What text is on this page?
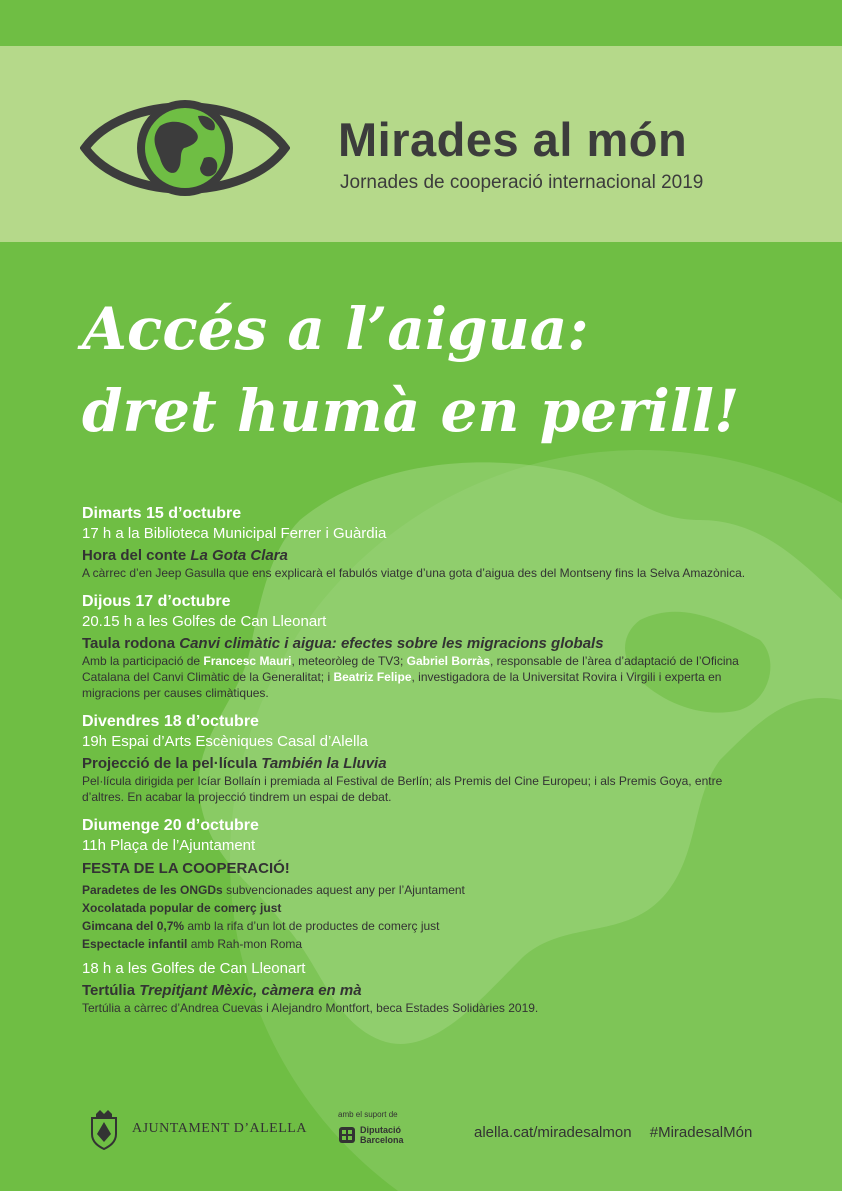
Mirades al món
Jornades de cooperació internacional 2019
Accés a l’aigua:
dret humà en perill!

Dimarts 15 d’octubre

17 h a la Biblioteca Municipal Ferrer i Guàrdia

Hora del conte La Gota Clara

A càrrec d’en Jeep Gasulla que ens explicarà el fabulós viatge d’una gota d’aigua des del Montseny fins la Selva Amazònica.

Dijous 17 d’octubre

20.15 h a les Golfes de Can Lleonart

Taula rodona Canvi climàtic i aigua: efectes sobre les migracions globals

Amb la participació de Francesc Mauri, meteoròleg de TV3; Gabriel Borràs, responsable de l’àrea d’adaptació de l’Oficina Catalana del Canvi Climàtic de la Generalitat; i Beatriz Felipe, investigadora de la Universitat Rovira i Virgili i experta en migracions per causes climàtiques.

Divendres 18 d’octubre

19h Espai d’Arts Escèniques Casal d’Alella

Projecció de la pel·lícula También la Lluvia

Pel·lícula dirigida per Icíar Bollaín i premiada al Festival de Berlín; als Premis del Cine Europeu; i als Premis Goya, entre d’altres. En acabar la projecció tindrem un espai de debat.

Diumenge 20 d’octubre

11h Plaça de l’Ajuntament

FESTA DE LA COOPERACIÓ!

Paradetes de les ONGDs subvencionades aquest any per l’Ajuntament

Xocolatada popular de comerç just

Gimcana del 0,7% amb la rifa d’un lot de productes de comerç just

Espectacle infantil amb Rah-mon Roma

18 h a les Golfes de Can Lleonart

Tertúlia Trepitjant Mèxic, càmera en mà

Tertúlia a càrrec d’Andrea Cuevas i Alejandro Montfort, beca Estades Solidàries 2019.

AJUNTAMENT D’ALELLA
amb el suport de
Diputació
Barcelona	alella.cat/miradesalmon #MiradesalMón
